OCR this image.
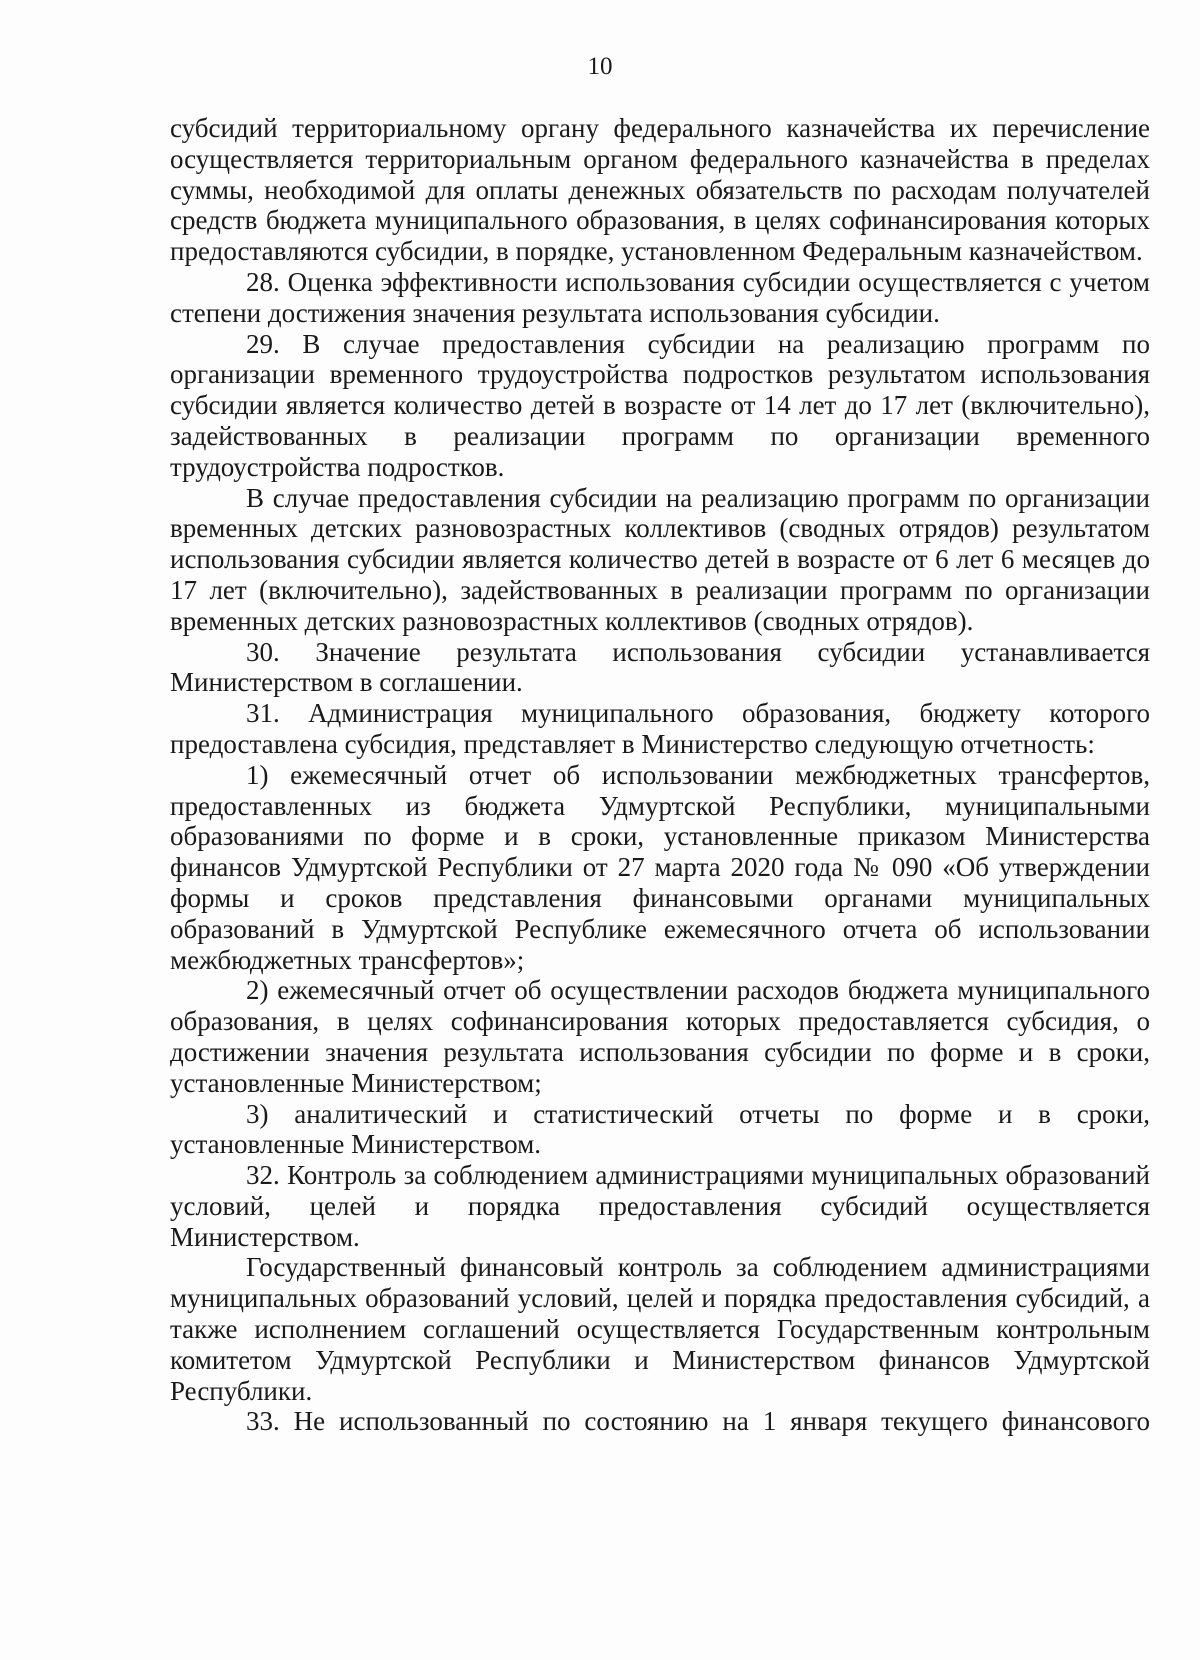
10

субсидий территориальному органу федерального казначейства их перечисление осуществляется территориальным органом федерального казначейства в пределах суммы, необходимой для оплаты денежных обязательств по расходам получателей средств бюджета муниципального образования, в целях софинансирования которых предоставляются субсидии, в порядке, установленном Федеральным казначейством.

28. Оценка эффективности использования субсидии осуществляется с учетом степени достижения значения результата использования субсидии.

29. В случае предоставления субсидии на реализацию программ по организации временного трудоустройства подростков результатом использования субсидии является количество детей в возрасте от 14 лет до 17 лет (включительно), задействованных в реализации программ по организации временного трудоустройства подростков.

В случае предоставления субсидии на реализацию программ по организации временных детских разновозрастных коллективов (сводных отрядов) результатом использования субсидии является количество детей в возрасте от 6 лет 6 месяцев до 17 лет (включительно), задействованных в реализации программ по организации временных детских разновозрастных коллективов (сводных отрядов).

30. Значение результата использования субсидии устанавливается Министерством в соглашении.

31. Администрация муниципального образования, бюджету которого предоставлена субсидия, представляет в Министерство следующую отчетность:

1) ежемесячный отчет об использовании межбюджетных трансфертов, предоставленных из бюджета Удмуртской Республики, муниципальными образованиями по форме и в сроки, установленные приказом Министерства финансов Удмуртской Республики от 27 марта 2020 года № 090 «Об утверждении формы и сроков представления финансовыми органами муниципальных образований в Удмуртской Республике ежемесячного отчета об использовании межбюджетных трансфертов»;

2) ежемесячный отчет об осуществлении расходов бюджета муниципального образования, в целях софинансирования которых предоставляется субсидия, о достижении значения результата использования субсидии по форме и в сроки, установленные Министерством;

3) аналитический и статистический отчеты по форме и в сроки, установленные Министерством.

32. Контроль за соблюдением администрациями муниципальных образований условий, целей и порядка предоставления субсидий осуществляется Министерством.

Государственный финансовый контроль за соблюдением администрациями муниципальных образований условий, целей и порядка предоставления субсидий, а также исполнением соглашений осуществляется Государственным контрольным комитетом Удмуртской Республики и Министерством финансов Удмуртской Республики.

33. Не использованный по состоянию на 1 января текущего финансового
